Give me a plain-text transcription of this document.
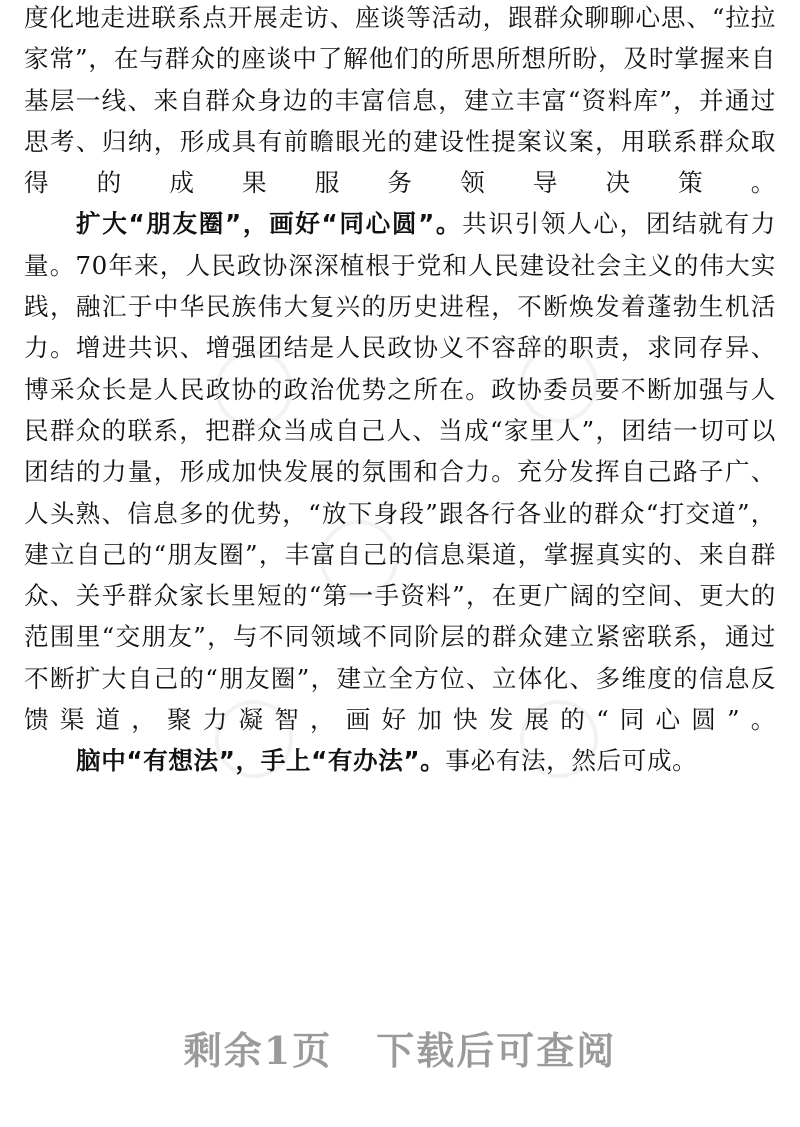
度化地走进联系点开展走访、座谈等活动，跟群众聊聊心思、“拉拉家常”，在与群众的座谈中了解他们的所思所想所盼，及时掌握来自基层一线、来自群众身边的丰富信息，建立丰富“资料库”，并通过思考、归纳，形成具有前瞻眼光的建设性提案议案，用联系群众取得的成果服务领导决策。

扩大“朋友圈”，画好“同心圆”。共识引领人心，团结就有力量。70年来，人民政协深深植根于党和人民建设社会主义的伟大实践，融汇于中华民族伟大复兴的历史进程，不断焕发着蓬勃生机活力。增进共识、增强团结是人民政协义不容辞的职责，求同存异、博采众长是人民政协的政治优势之所在。政协委员要不断加强与人民群众的联系，把群众当成自己人、当成“家里人”，团结一切可以团结的力量，形成加快发展的氛围和合力。充分发挥自己路子广、人头熟、信息多的优势，“放下身段”跟各行各业的群众“打交道”，建立自己的“朋友圈”，丰富自己的信息渠道，掌握真实的、来自群众、关乎群众家长里短的“第一手资料”，在更广阔的空间、更大的范围里“交朋友”，与不同领域不同阶层的群众建立紧密联系，通过不断扩大自己的“朋友圈”，建立全方位、立体化、多维度的信息反馈渠道，聚力凝智，画好加快发展的“同心圆”。

脑中“有想法”，手上“有办法”。事必有法，然后可成。

剩余1页 下载后可查阅
